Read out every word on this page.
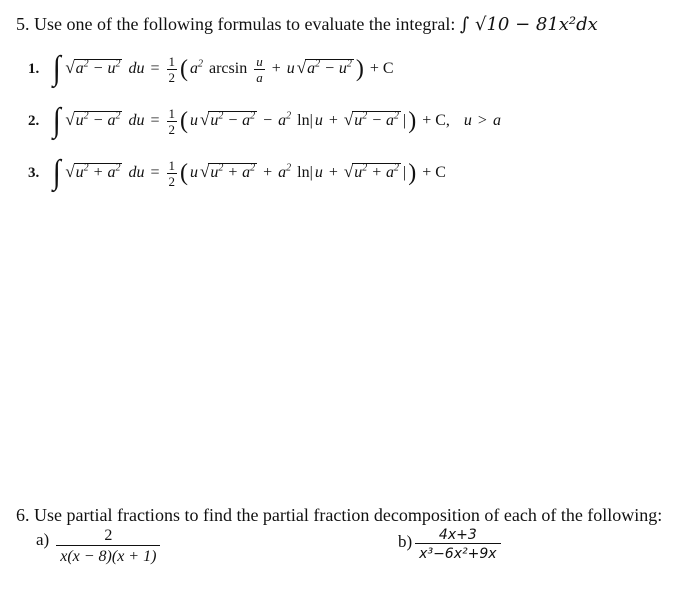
5. Use one of the following formulas to evaluate the integral: ∫ √10 − 81x²dx
1. ∫ √ $a^2 - u^2$ du = $\frac{1}{2}$ ( $a^2$ $\arcsin \frac{u}{a} + u$ √ $a^2 - u^2$ ) + C
2. ∫ √ $u^2 - a^2$ du = $\frac{1}{2}$ ( u √ $u^2 - a^2 - a^2$ ln| u + √ $u^2 - a^2$ | ) + C, u > a
3. ∫ √ $u^2 + a^2$ du = $\frac{1}{2}$ ( u √ $u^2 + a^2 + a^2$ ln| u + √ $u^2 + a^2$ | ) + C
6. Use partial fractions to find the partial fraction decomposition of each of the following:
$a) \frac{2}{x(x - 8)(x + 1)}$	$b) \frac{4x+3}{\text{x³−6x²+9x}}$
